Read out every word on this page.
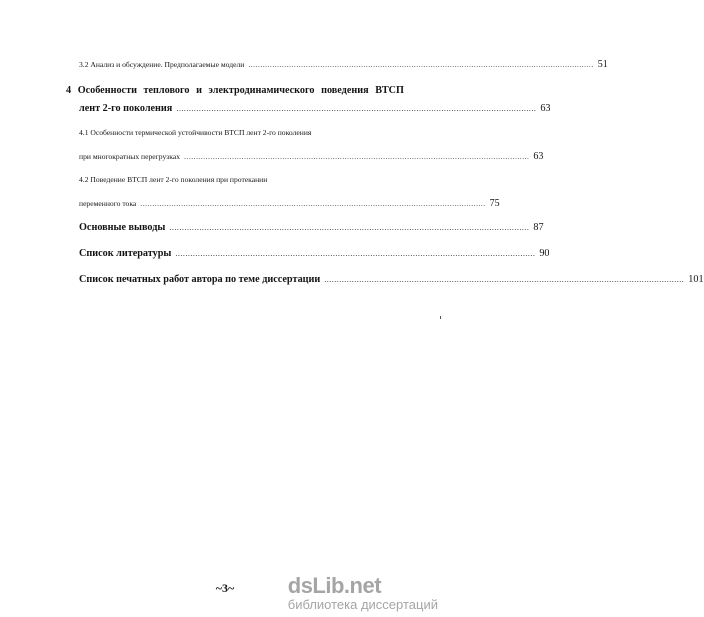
3.2 Анализ и обсуждение. Предполагаемые модели ................................................................................................................................................ 51
4 Особенности теплового и электродинамического поведения ВТСП
лент 2-го поколения ................................................................................................................................................ 63
4.1 Особенности термической устойчивости ВТСП лент 2-го поколения
при многократных перегрузках ................................................................................................................................................ 63
4.2 Поведение ВТСП лент 2-го поколения при протекании
переменного тока ................................................................................................................................................ 75
Основные выводы ................................................................................................................................................ 87
Список литературы ................................................................................................................................................ 90
Список печатных работ автора по теме диссертации ................................................................................................................................................ 101
~3~	dsLib.net
библиотека диссертаций
